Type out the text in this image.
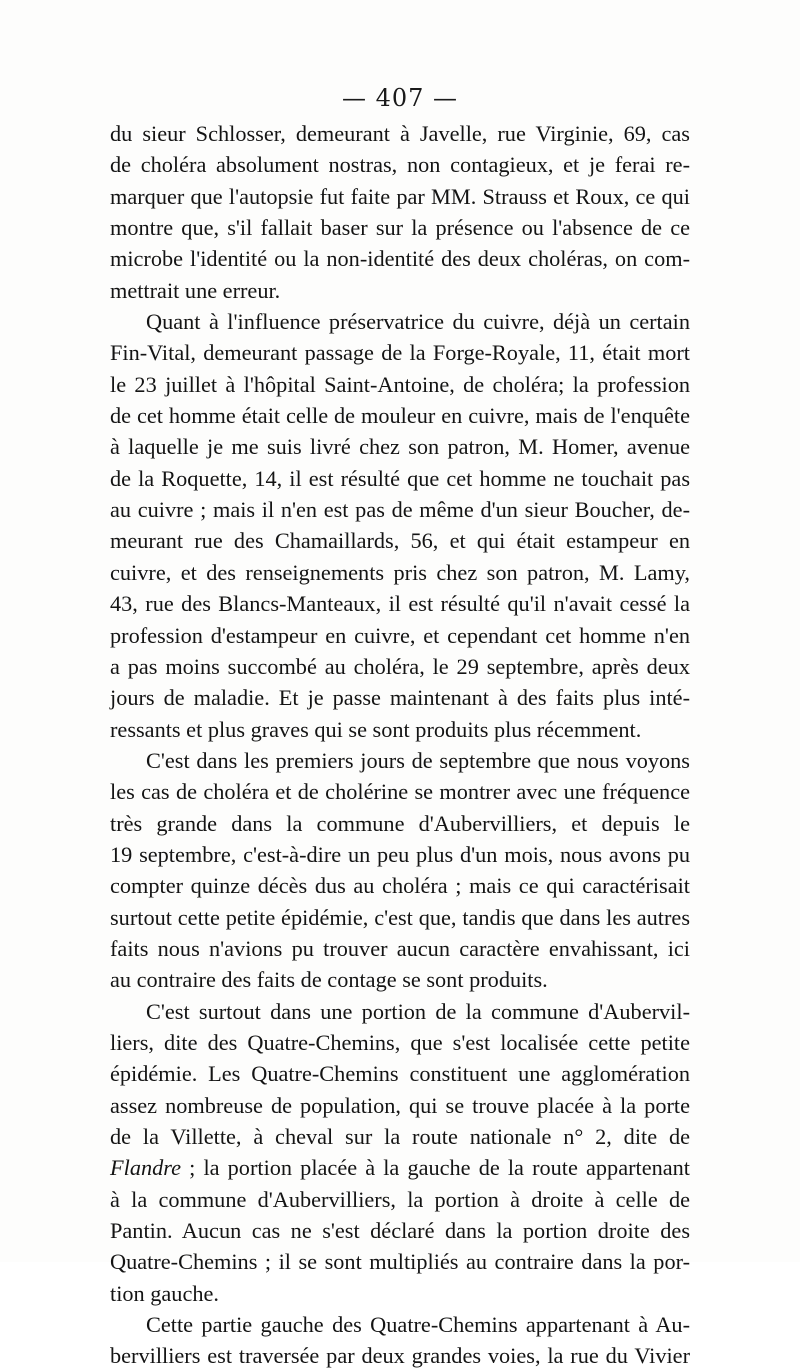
— 407 —
du sieur Schlosser, demeurant à Javelle, rue Virginie, 69, cas
de choléra absolument nostras, non contagieux, et je ferai re-
marquer que l'autopsie fut faite par MM. Strauss et Roux, ce qui
montre que, s'il fallait baser sur la présence ou l'absence de ce
microbe l'identité ou la non-identité des deux choléras, on com-
mettrait une erreur.
Quant à l'influence préservatrice du cuivre, déjà un certain
Fin-Vital, demeurant passage de la Forge-Royale, 11, était mort
le 23 juillet à l'hôpital Saint-Antoine, de choléra; la profession
de cet homme était celle de mouleur en cuivre, mais de l'enquête
à laquelle je me suis livré chez son patron, M. Homer, avenue
de la Roquette, 14, il est résulté que cet homme ne touchait pas
au cuivre ; mais il n'en est pas de même d'un sieur Boucher, de-
meurant rue des Chamaillards, 56, et qui était estampeur en
cuivre, et des renseignements pris chez son patron, M. Lamy,
43, rue des Blancs-Manteaux, il est résulté qu'il n'avait cessé la
profession d'estampeur en cuivre, et cependant cet homme n'en
a pas moins succombé au choléra, le 29 septembre, après deux
jours de maladie. Et je passe maintenant à des faits plus inté-
ressants et plus graves qui se sont produits plus récemment.
C'est dans les premiers jours de septembre que nous voyons
les cas de choléra et de cholérine se montrer avec une fréquence
très grande dans la commune d'Aubervilliers, et depuis le
19 septembre, c'est-à-dire un peu plus d'un mois, nous avons pu
compter quinze décès dus au choléra ; mais ce qui caractérisait
surtout cette petite épidémie, c'est que, tandis que dans les autres
faits nous n'avions pu trouver aucun caractère envahissant, ici
au contraire des faits de contage se sont produits.
C'est surtout dans une portion de la commune d'Aubervil-
liers, dite des Quatre-Chemins, que s'est localisée cette petite
épidémie. Les Quatre-Chemins constituent une agglomération
assez nombreuse de population, qui se trouve placée à la porte
de la Villette, à cheval sur la route nationale n° 2, dite de
Flandre ; la portion placée à la gauche de la route appartenant
à la commune d'Aubervilliers, la portion à droite à celle de
Pantin. Aucun cas ne s'est déclaré dans la portion droite des
Quatre-Chemins ; il se sont multipliés au contraire dans la por-
tion gauche.
Cette partie gauche des Quatre-Chemins appartenant à Au-
bervilliers est traversée par deux grandes voies, la rue du Vivier
